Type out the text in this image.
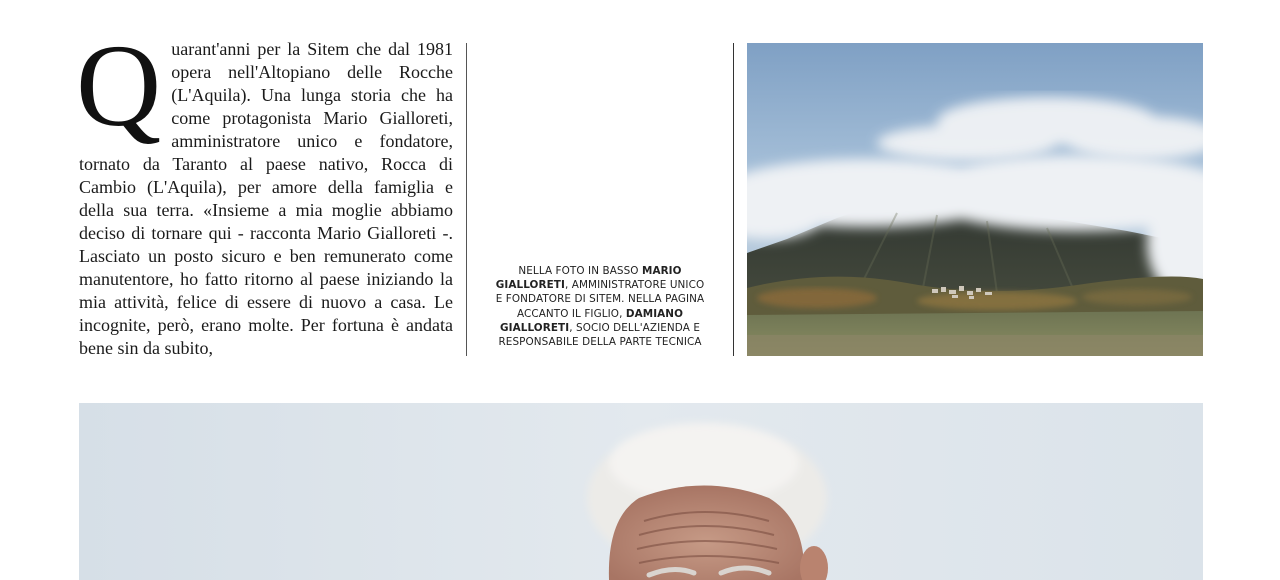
Q uarant'anni per la Sitem che dal 1981 opera nell'Altopiano delle Rocche (L'Aquila). Una lunga storia che ha come protagonista Mario Gialloreti, amministratore unico e fondatore, tornato da Taranto al paese nativo, Rocca di Cambio (L'Aquila), per amore della famiglia e della sua terra. «Insieme a mia moglie abbiamo deciso di tornare qui - racconta Mario Gialloreti -. Lasciato un posto sicuro e ben remunerato come manutentore, ho fatto ritorno al paese iniziando la mia attività, felice di essere di nuovo a casa. Le incognite, però, erano molte. Per fortuna è andata bene sin da subito,

NELLA FOTO IN BASSO MARIO GIALLORETI, AMMINISTRATORE UNICO E FONDATORE DI SITEM. NELLA PAGINA ACCANTO IL FIGLIO, DAMIANO GIALLORETI, SOCIO DELL'AZIENDA E RESPONSABILE DELLA PARTE TECNICA
